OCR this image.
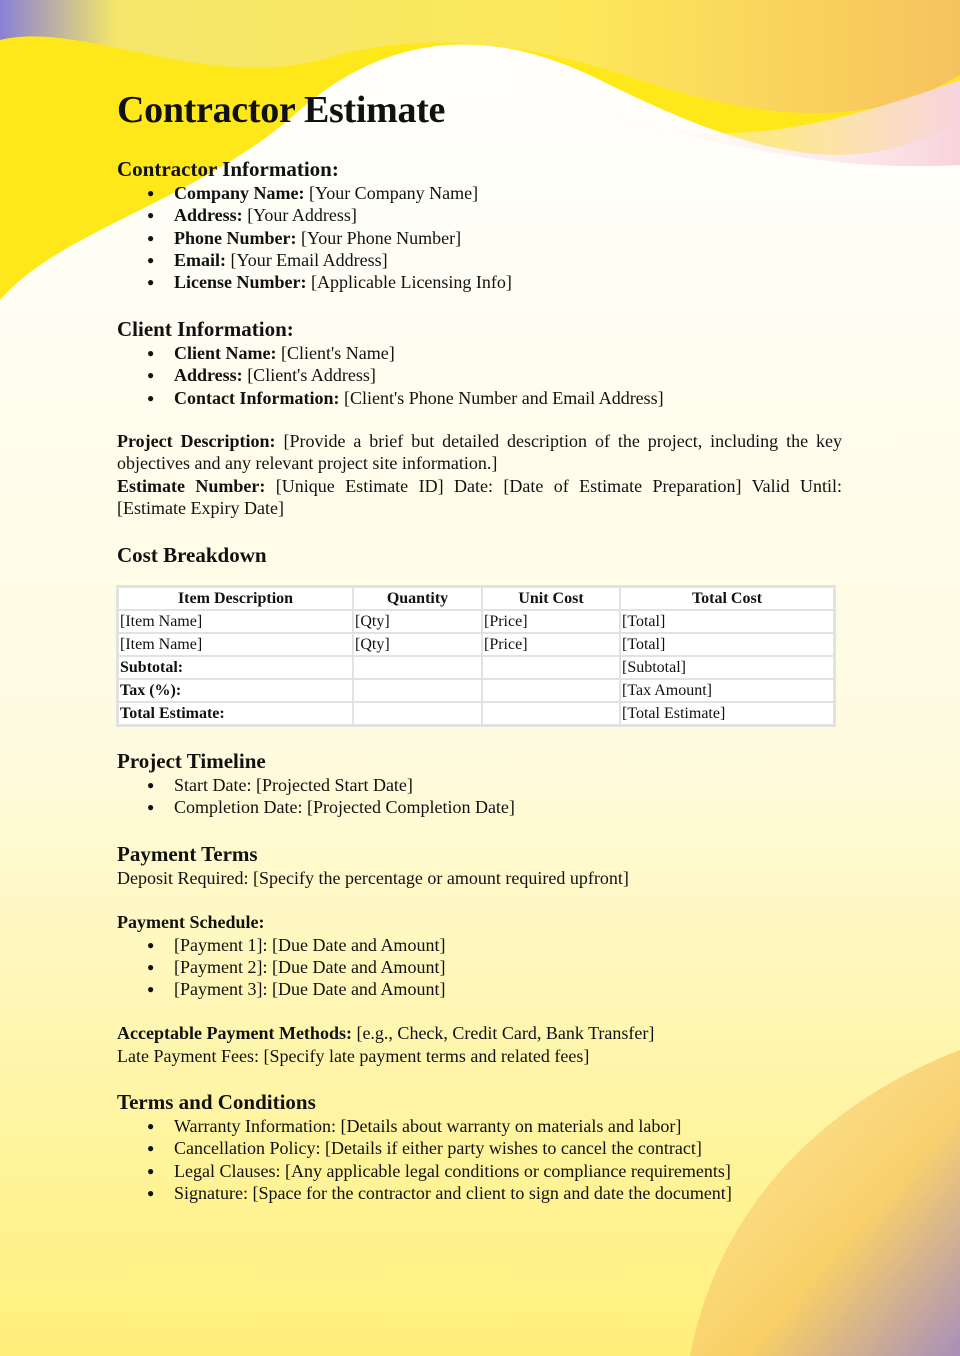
Contractor Estimate
Contractor Information:
● Company Name: [Your Company Name]
● Address: [Your Address]
● Phone Number: [Your Phone Number]
● Email: [Your Email Address]
● License Number: [Applicable Licensing Info]
Client Information:
● Client Name: [Client's Name]
● Address: [Client's Address]
● Contact Information: [Client's Phone Number and Email Address]

Project Description: [Provide a brief but detailed description of the project, including the key objectives and any relevant project site information.]

Estimate Number: [Unique Estimate ID] Date: [Date of Estimate Preparation] Valid Until: [Estimate Expiry Date]

Cost Breakdown
Item Description	Quantity	Unit Cost	Total Cost
[Item Name]	[Qty]	[Price]	[Total]
[Item Name]	[Qty]	[Price]	[Total]
Subtotal:			[Subtotal]
Tax (%):			[Tax Amount]
Total Estimate:			[Total Estimate]
Project Timeline
● Start Date: [Projected Start Date]
● Completion Date: [Projected Completion Date]
Payment Terms

Deposit Required: [Specify the percentage or amount required upfront]

Payment Schedule:

● [Payment 1]: [Due Date and Amount]
● [Payment 2]: [Due Date and Amount]
● [Payment 3]: [Due Date and Amount]

Acceptable Payment Methods: [e.g., Check, Credit Card, Bank Transfer]

Late Payment Fees: [Specify late payment terms and related fees]

Terms and Conditions
● Warranty Information: [Details about warranty on materials and labor]
● Cancellation Policy: [Details if either party wishes to cancel the contract]
● Legal Clauses: [Any applicable legal conditions or compliance requirements]
● Signature: [Space for the contractor and client to sign and date the document]
